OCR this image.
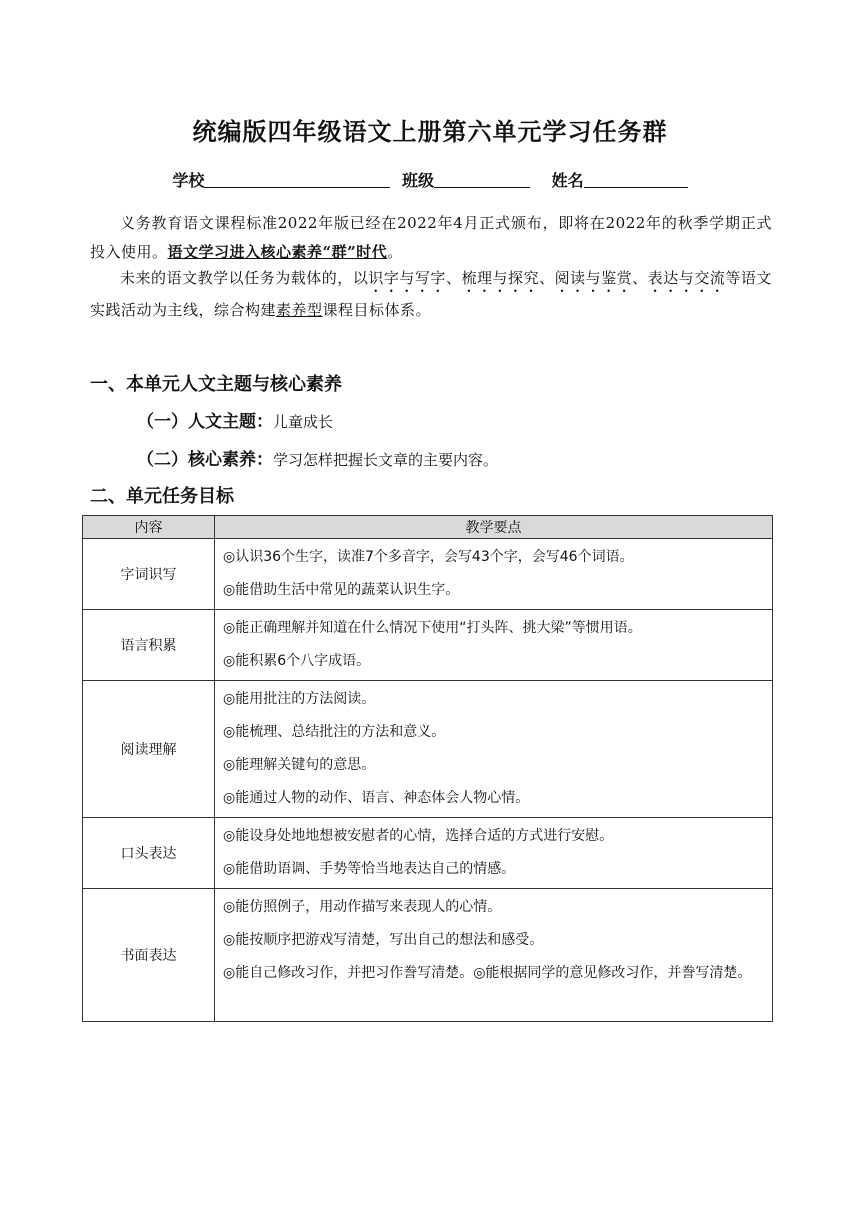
统编版四年级语文上册第六单元学习任务群
学校	班级	姓名
义务教育语文课程标准2022年版已经在2022年4月正式颁布，即将在2022年的秋季学期正式投入使用。语文学习进入核心素养“群”时代。
未来的语文教学以任务为载体的，以识字与写字、梳理与探究、阅读与鉴赏、表达与交流等语文实践活动为主线，综合构建素养型课程目标体系。
一、本单元人文主题与核心素养
（一）人文主题：儿童成长
（二）核心素养：学习怎样把握长文章的主要内容。
二、单元任务目标
内容	教学要点
字词识写	◎认识36个生字，读准7个多音字，会写43个字，会写46个词语。
◎能借助生活中常见的蔬菜认识生字。

语言积累	◎能正确理解并知道在什么情况下使用“打头阵、挑大梁”等惯用语。
◎能积累6个八字成语。

阅读理解	◎能用批注的方法阅读。
◎能梳理、总结批注的方法和意义。
◎能理解关键句的意思。
◎能通过人物的动作、语言、神态体会人物心情。

口头表达	◎能设身处地地想被安慰者的心情，选择合适的方式进行安慰。
◎能借助语调、手势等恰当地表达自己的情感。

书面表达	◎能仿照例子，用动作描写来表现人的心情。
◎能按顺序把游戏写清楚，写出自己的想法和感受。
◎能自己修改习作，并把习作誊写清楚。◎能根据同学的意见修改习作，并誊写清楚。
